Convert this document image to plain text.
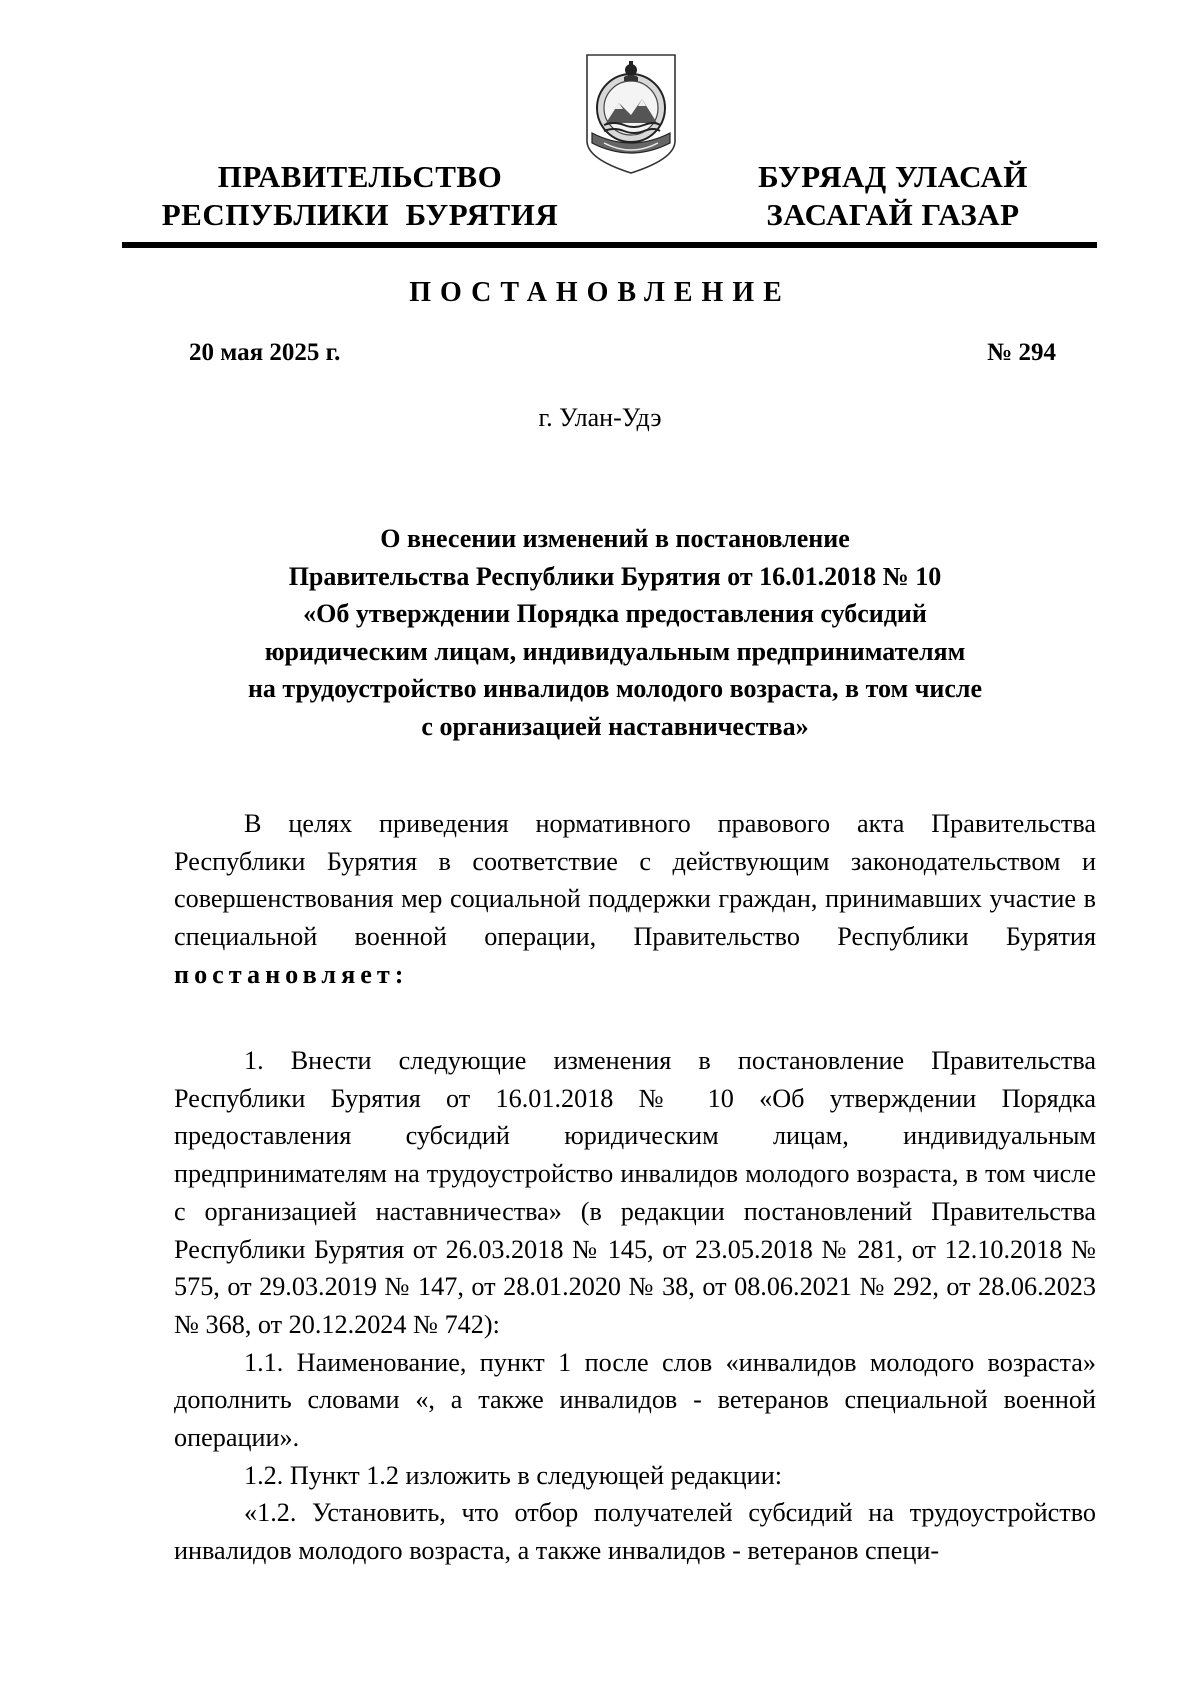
ПРАВИТЕЛЬСТВО
РЕСПУБЛИКИ  БУРЯТИЯ
БУРЯАД УЛАСАЙ
ЗАСАГАЙ ГАЗАР
ПОСТАНОВЛЕНИЕ
20 мая 2025 г.	№ 294
г. Улан-Удэ
О внесении изменений в постановление
Правительства Республики Бурятия от 16.01.2018 № 10
«Об утверждении Порядка предоставления субсидий
юридическим лицам, индивидуальным предпринимателям
на трудоустройство инвалидов молодого возраста, в том числе
с организацией наставничества»

В целях приведения нормативного правового акта Правительства Республики Бурятия в соответствие с действующим законодательством и совершенствования мер социальной поддержки граждан, принимавших участие в специальной военной операции, Правительство Республики Бурятия постановляет:

1. Внести следующие изменения в постановление Правительства Республики Бурятия от 16.01.2018 № 10 «Об утверждении Порядка предоставления субсидий юридическим лицам, индивидуальным предпринимателям на трудоустройство инвалидов молодого возраста, в том числе с организацией наставничества» (в редакции постановлений Правительства Республики Бурятия от 26.03.2018 № 145, от 23.05.2018 № 281, от 12.10.2018 № 575, от 29.03.2019 № 147, от 28.01.2020 № 38, от 08.06.2021 № 292, от 28.06.2023 № 368, от 20.12.2024 № 742):

1.1. Наименование, пункт 1 после слов «инвалидов молодого возраста» дополнить словами «, а также инвалидов - ветеранов специальной военной операции».

1.2. Пункт 1.2 изложить в следующей редакции:

«1.2. Установить, что отбор получателей субсидий на трудоустройство инвалидов молодого возраста, а также инвалидов - ветеранов специ-
